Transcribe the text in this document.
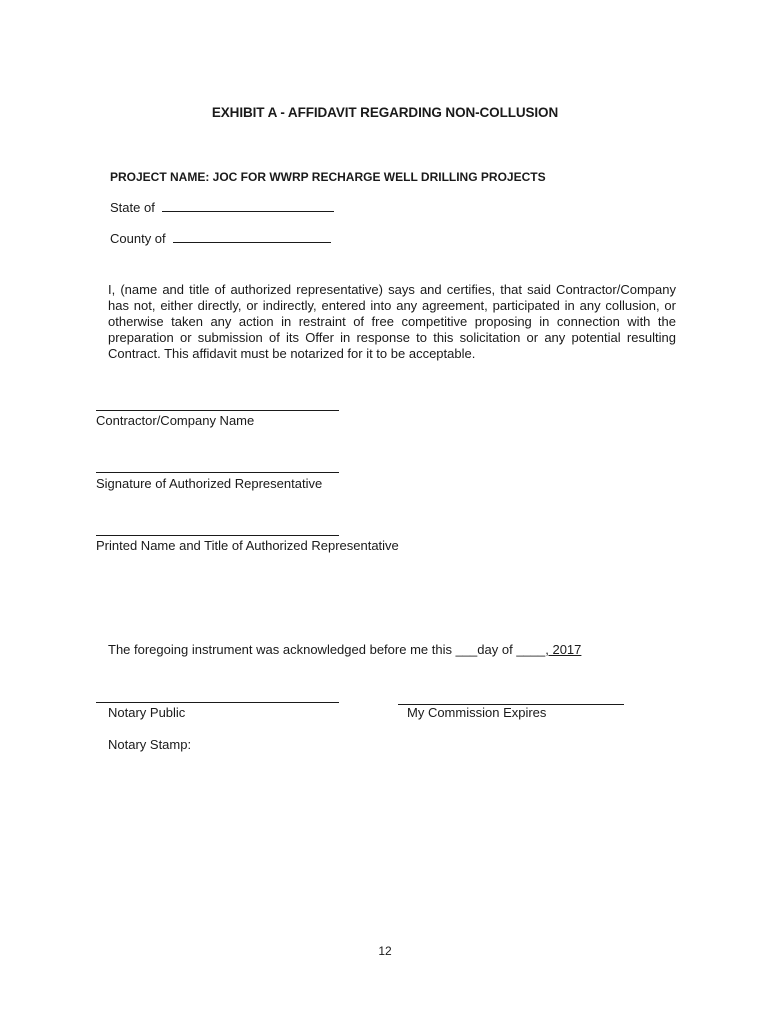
EXHIBIT A - AFFIDAVIT REGARDING NON-COLLUSION
PROJECT NAME: JOC FOR WWRP RECHARGE WELL DRILLING PROJECTS
State of
County of
I, (name and title of authorized representative) says and certifies, that said Contractor/Company has not, either directly, or indirectly, entered into any agreement, participated in any collusion, or otherwise taken any action in restraint of free competitive proposing in connection with the preparation or submission of its Offer in response to this solicitation or any potential resulting Contract. This affidavit must be notarized for it to be acceptable.
Contractor/Company Name
Signature of Authorized Representative
Printed Name and Title of Authorized Representative
The foregoing instrument was acknowledged before me this ___day of ____, 2017
Notary Public	My Commission Expires
Notary Stamp:
12
